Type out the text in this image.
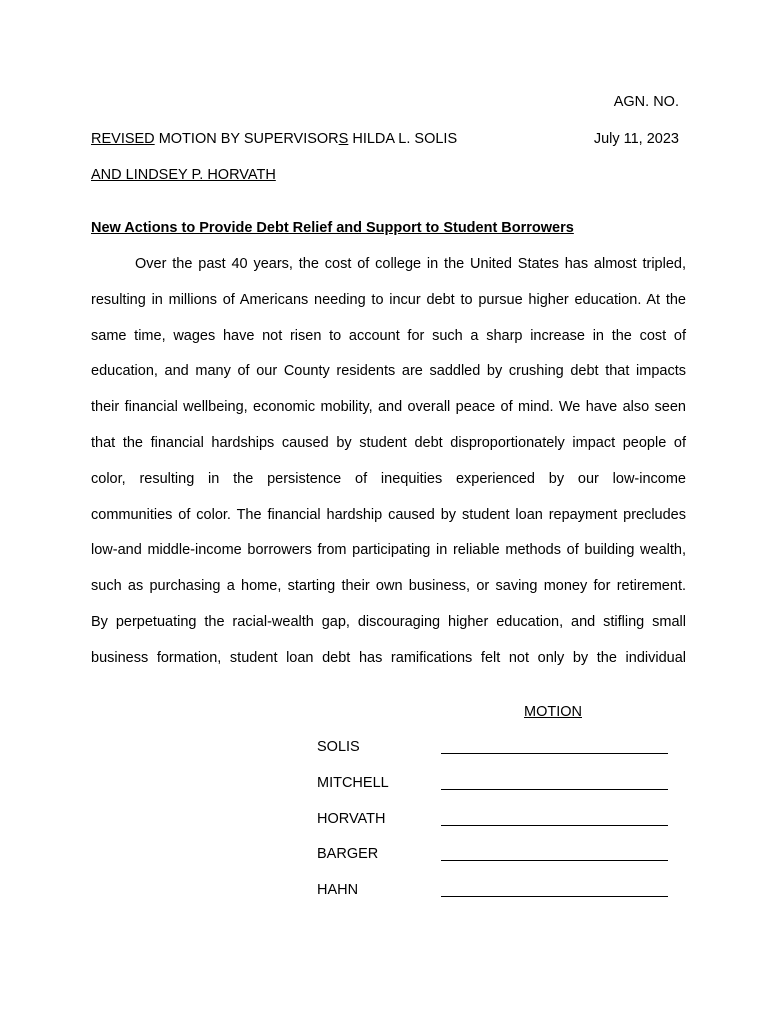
AGN. NO.
REVISED MOTION BY SUPERVISORS HILDA L. SOLIS	July 11, 2023
AND LINDSEY P. HORVATH
New Actions to Provide Debt Relief and Support to Student Borrowers
Over the past 40 years, the cost of college in the United States has almost tripled,
resulting in millions of Americans needing to incur debt to pursue higher education. At the
same time, wages have not risen to account for such a sharp increase in the cost of
education, and many of our County residents are saddled by crushing debt that impacts
their financial wellbeing, economic mobility, and overall peace of mind. We have also seen
that the financial hardships caused by student debt disproportionately impact people of
color, resulting in the persistence of inequities experienced by our low-income
communities of color. The financial hardship caused by student loan repayment precludes
low-and middle-income borrowers from participating in reliable methods of building wealth,
such as purchasing a home, starting their own business, or saving money for retirement.
By perpetuating the racial-wealth gap, discouraging higher education, and stifling small
business formation, student loan debt has ramifications felt not only by the individual
MOTION
SOLIS
MITCHELL
HORVATH
BARGER
HAHN
